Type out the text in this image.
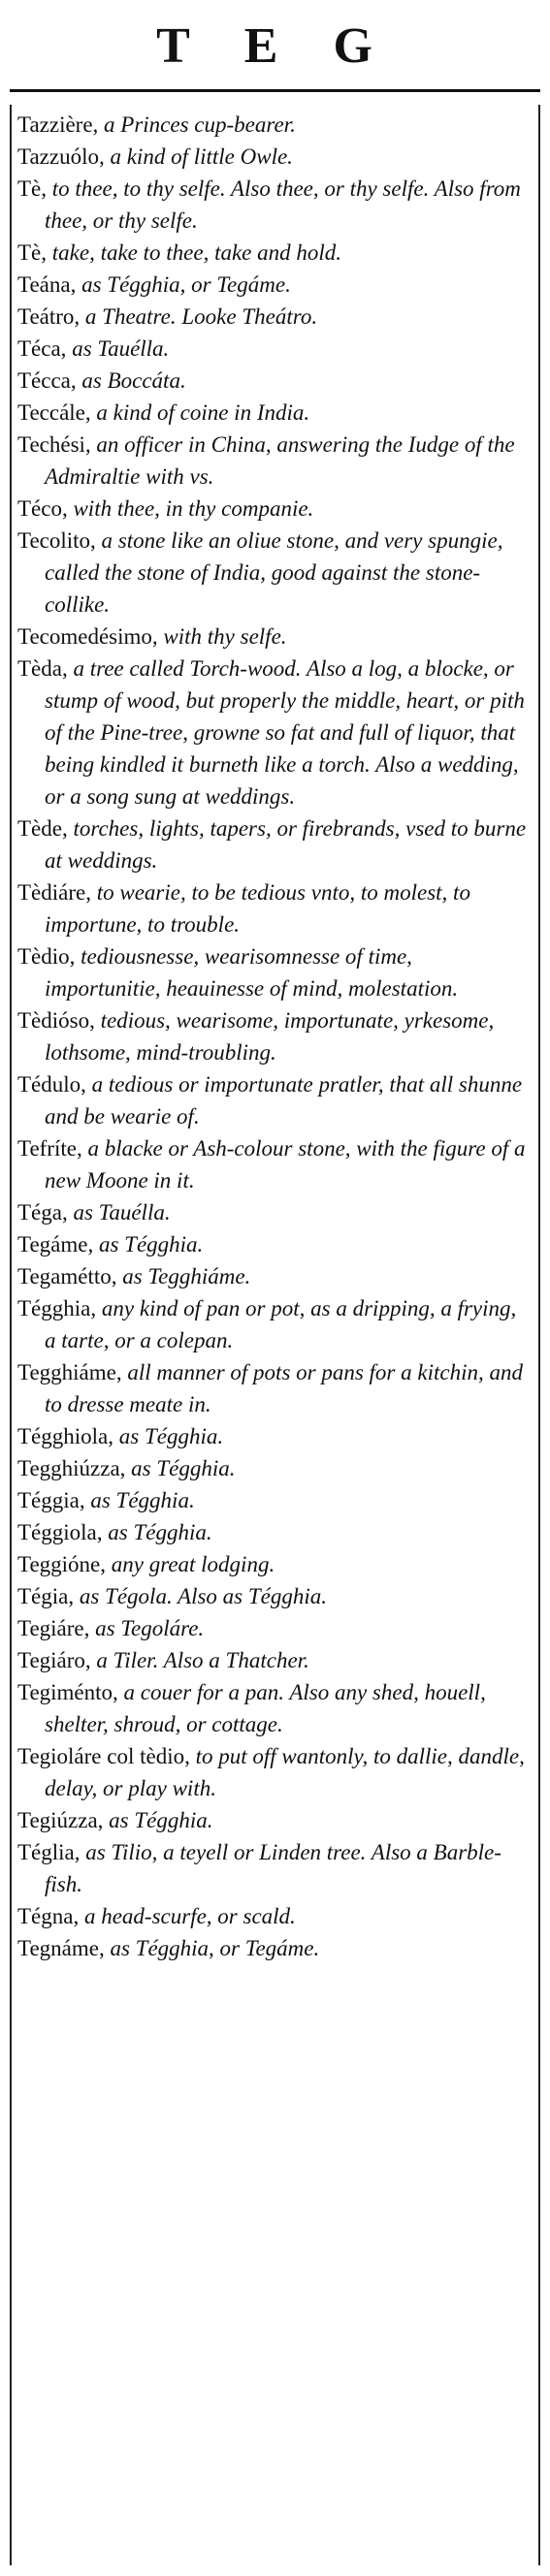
T E G

Tazzière, a Princes cup-bearer.

Tazzuólo, a kind of little Owle.

Tè, to thee, to thy selfe. Also thee, or thy selfe. Also from thee, or thy selfe.

Tè, take, take to thee, take and hold.

Teána, as Tégghia, or Tegáme.

Teátro, a Theatre. Looke Theátro.

Téca, as Tauélla.

Técca, as Boccáta.

Teccále, a kind of coine in India.

Techési, an officer in China, answering the Iudge of the Admiraltie with vs.

Téco, with thee, in thy companie.

Tecolito, a stone like an oliue stone, and very spungie, called the stone of India, good against the stone-collike.

Tecomedésimo, with thy selfe.

Tèda, a tree called Torch-wood. Also a log, a blocke, or stump of wood, but properly the middle, heart, or pith of the Pine-tree, growne so fat and full of liquor, that being kindled it burneth like a torch. Also a wedding, or a song sung at weddings.

Tède, torches, lights, tapers, or firebrands, vsed to burne at weddings.

Tèdiáre, to wearie, to be tedious vnto, to molest, to importune, to trouble.

Tèdio, tediousnesse, wearisomnesse of time, importunitie, heauinesse of mind, molestation.

Tèdióso, tedious, wearisome, importunate, yrkesome, lothsome, mind-troubling.

Tédulo, a tedious or importunate pratler, that all shunne and be wearie of.

Tefríte, a blacke or Ash-colour stone, with the figure of a new Moone in it.

Téga, as Tauélla.

Tegáme, as Tégghia.

Tegamétto, as Tegghiáme.

Tégghia, any kind of pan or pot, as a dripping, a frying, a tarte, or a colepan.

Tegghiáme, all manner of pots or pans for a kitchin, and to dresse meate in.

Tégghiola, as Tégghia.

Tegghiúzza, as Tégghia.

Téggia, as Tégghia.

Téggiola, as Tégghia.

Teggióne, any great lodging.

Tégia, as Tégola. Also as Tégghia.

Tegiáre, as Tegoláre.

Tegiáro, a Tiler. Also a Thatcher.

Tegiménto, a couer for a pan. Also any shed, houell, shelter, shroud, or cottage.

Tegioláre col tèdio, to put off wantonly, to dallie, dandle, delay, or play with.

Tegiúzza, as Tégghia.

Téglia, as Tilio, a teyell or Linden tree. Also a Barble-fish.

Tégna, a head-scurfe, or scald.

Tegnáme, as Tégghia, or Tegáme.
